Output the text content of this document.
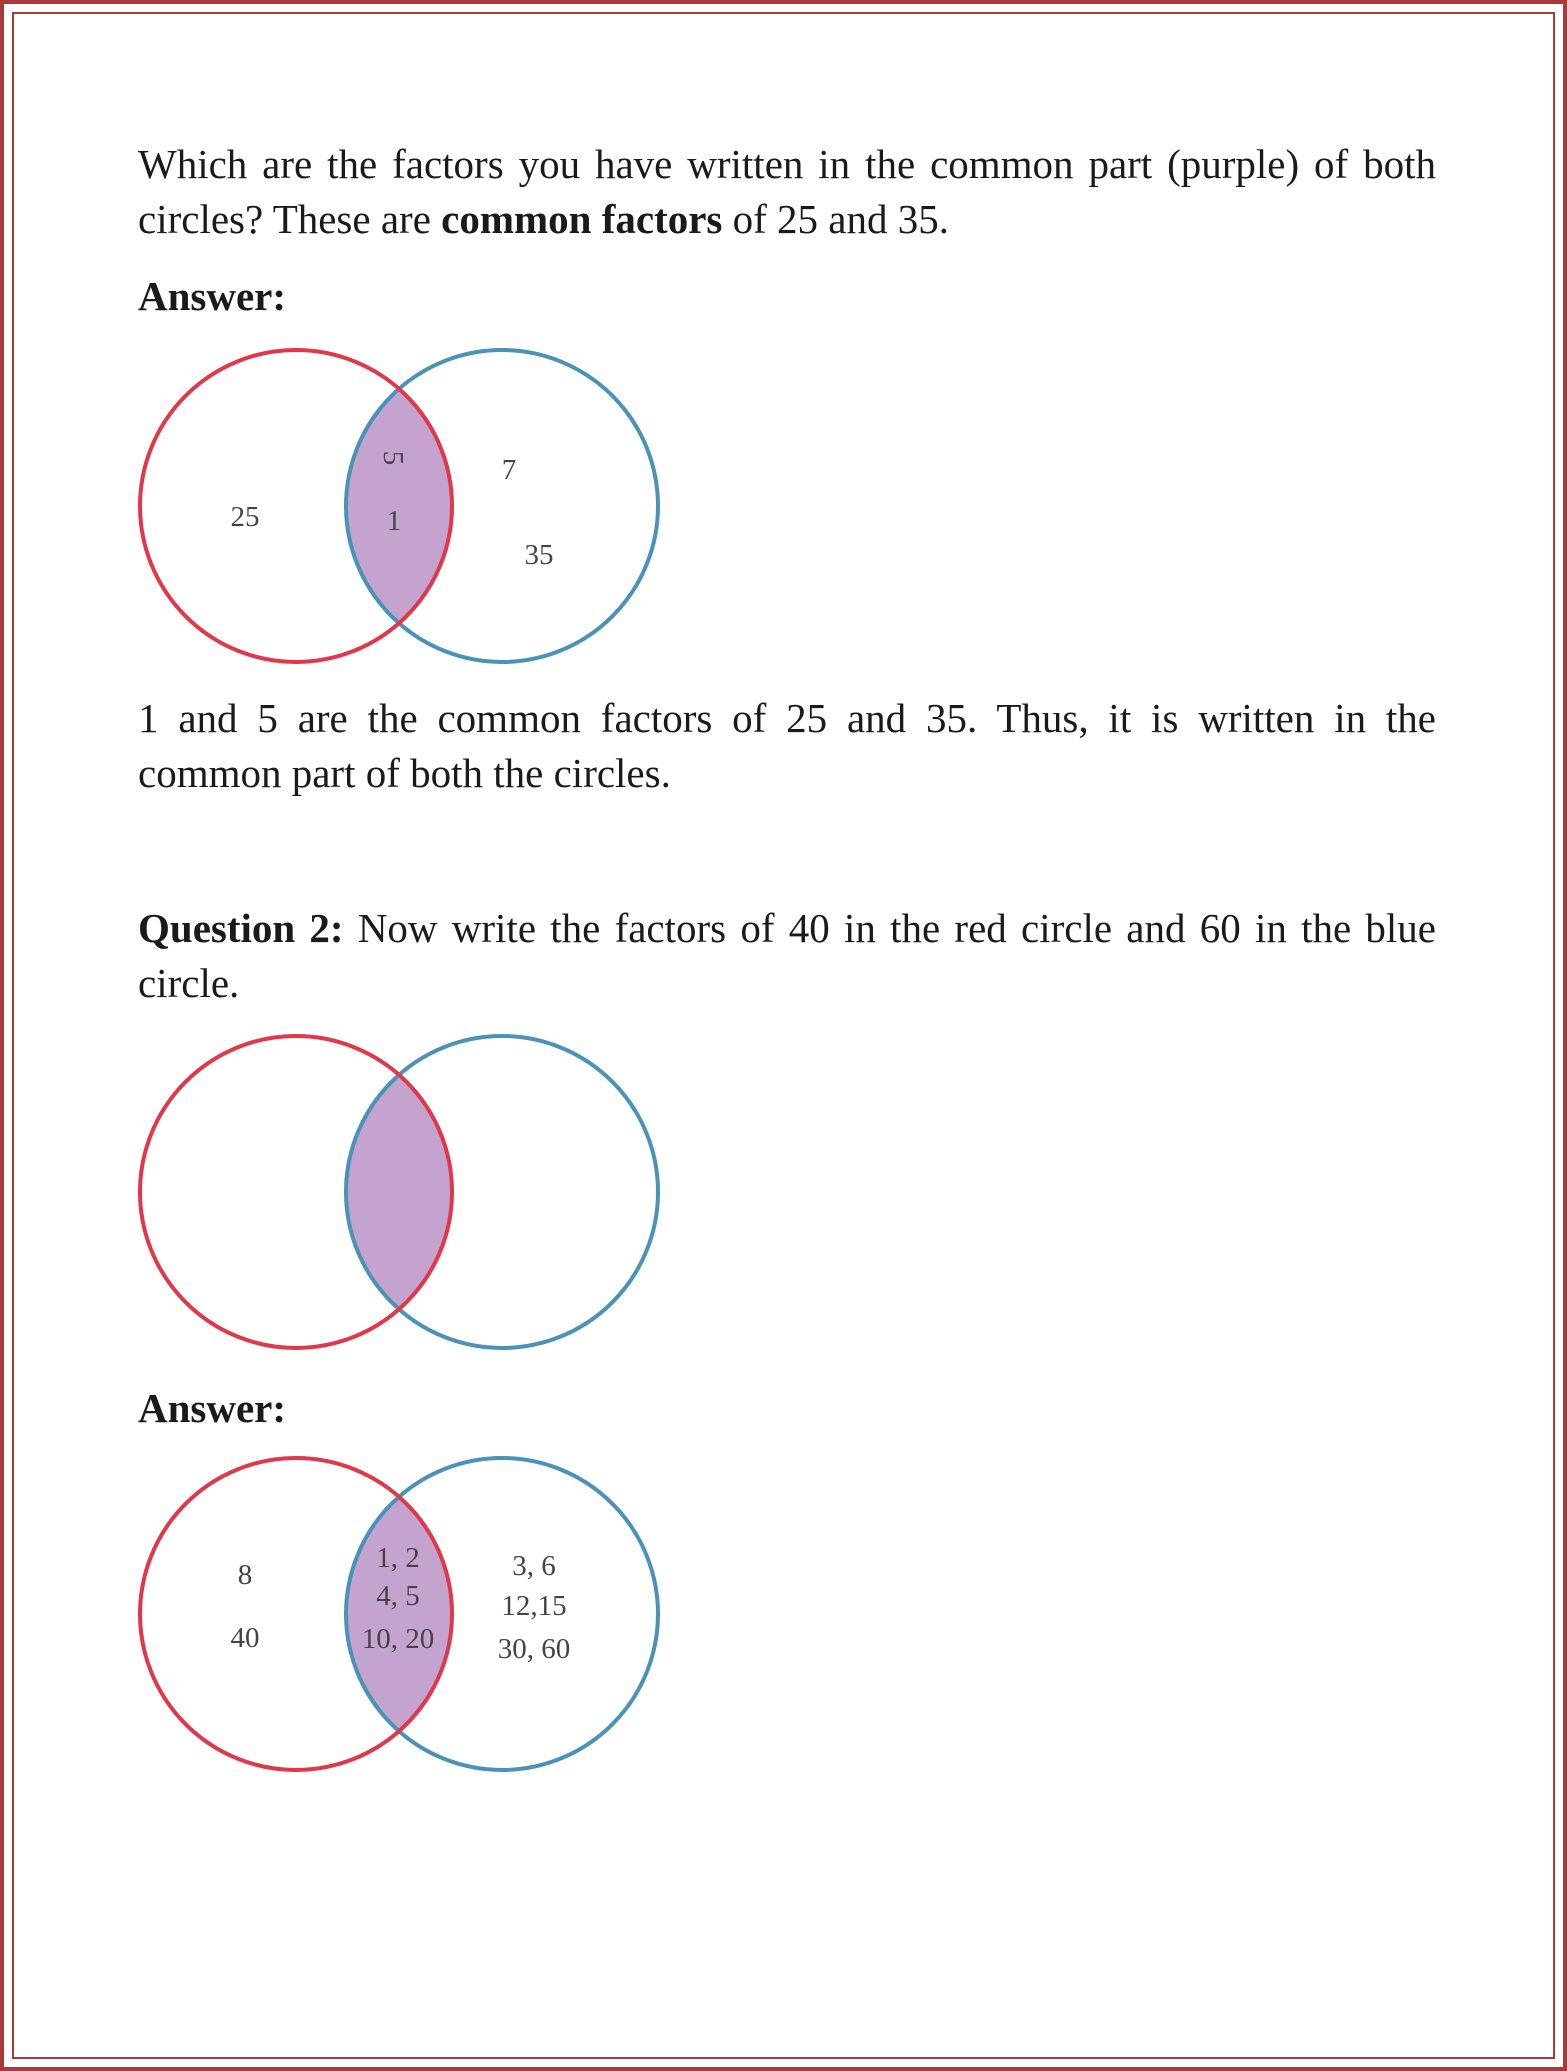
Which are the factors you have written in the common part (purple) of both circles? These are common factors of 25 and 35.
Answer:
25
5
1
7
35
1 and 5 are the common factors of 25 and 35. Thus, it is written in the common part of both the circles.
Question 2: Now write the factors of 40 in the red circle and 60 in the blue circle.
Answer:
8
40
1, 2
4, 5
10, 20
3, 6
12,15
30, 60
